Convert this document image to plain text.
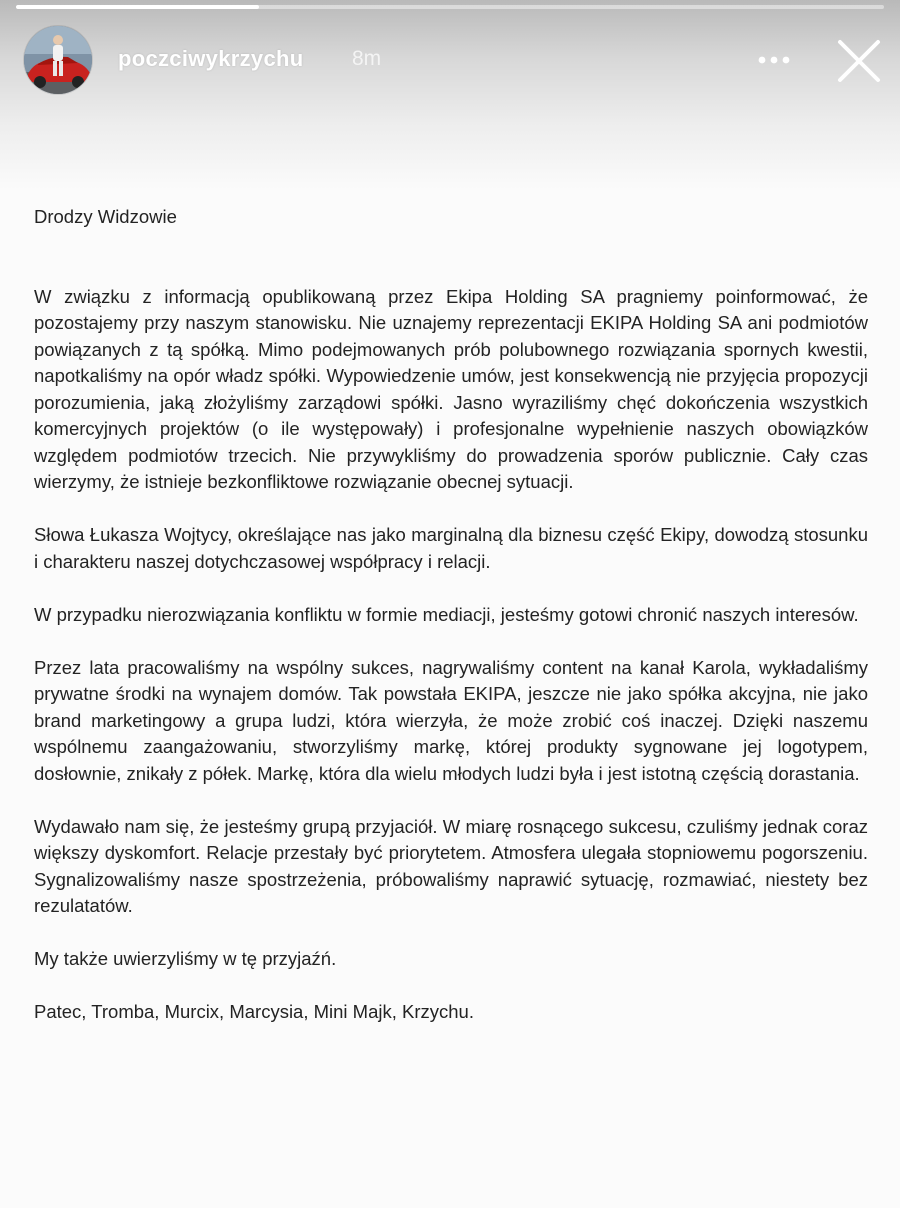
poczciwykrzychu 8m

Drodzy Widzowie

W związku z informacją opublikowaną przez Ekipa Holding SA pragniemy poinformować, że pozostajemy przy naszym stanowisku. Nie uznajemy reprezentacji EKIPA Holding SA ani podmiotów powiązanych z tą spółką. Mimo podejmowanych prób polubownego rozwiązania spornych kwestii, napotkaliśmy na opór władz spółki. Wypowiedzenie umów, jest konsekwencją nie przyjęcia propozycji porozumienia, jaką złożyliśmy zarządowi spółki. Jasno wyraziliśmy chęć dokończenia wszystkich komercyjnych projektów (o ile występowały) i profesjonalne wypełnienie naszych obowiązków względem podmiotów trzecich. Nie przywykliśmy do prowadzenia sporów publicznie. Cały czas wierzymy, że istnieje bezkonfliktowe rozwiązanie obecnej sytuacji.

Słowa Łukasza Wojtycy, określające nas jako marginalną dla biznesu część Ekipy, dowodzą stosunku i charakteru naszej dotychczasowej współpracy i relacji.

W przypadku nierozwiązania konfliktu w formie mediacji, jesteśmy gotowi chronić naszych interesów.

Przez lata pracowaliśmy na wspólny sukces, nagrywaliśmy content na kanał Karola, wykładaliśmy prywatne środki na wynajem domów. Tak powstała EKIPA, jeszcze nie jako spółka akcyjna, nie jako brand marketingowy a grupa ludzi, która wierzyła, że może zrobić coś inaczej. Dzięki naszemu wspólnemu zaangażowaniu, stworzyliśmy markę, której produkty sygnowane jej logotypem, dosłownie, znikały z półek. Markę, która dla wielu młodych ludzi była i jest istotną częścią dorastania.

Wydawało nam się, że jesteśmy grupą przyjaciół. W miarę rosnącego sukcesu, czuliśmy jednak coraz większy dyskomfort. Relacje przestały być priorytetem. Atmosfera ulegała stopniowemu pogorszeniu. Sygnalizowaliśmy nasze spostrzeżenia, próbowaliśmy naprawić sytuację, rozmawiać, niestety bez rezulatatów.

My także uwierzyliśmy w tę przyjaźń.

Patec, Tromba, Murcix, Marcysia, Mini Majk, Krzychu.
